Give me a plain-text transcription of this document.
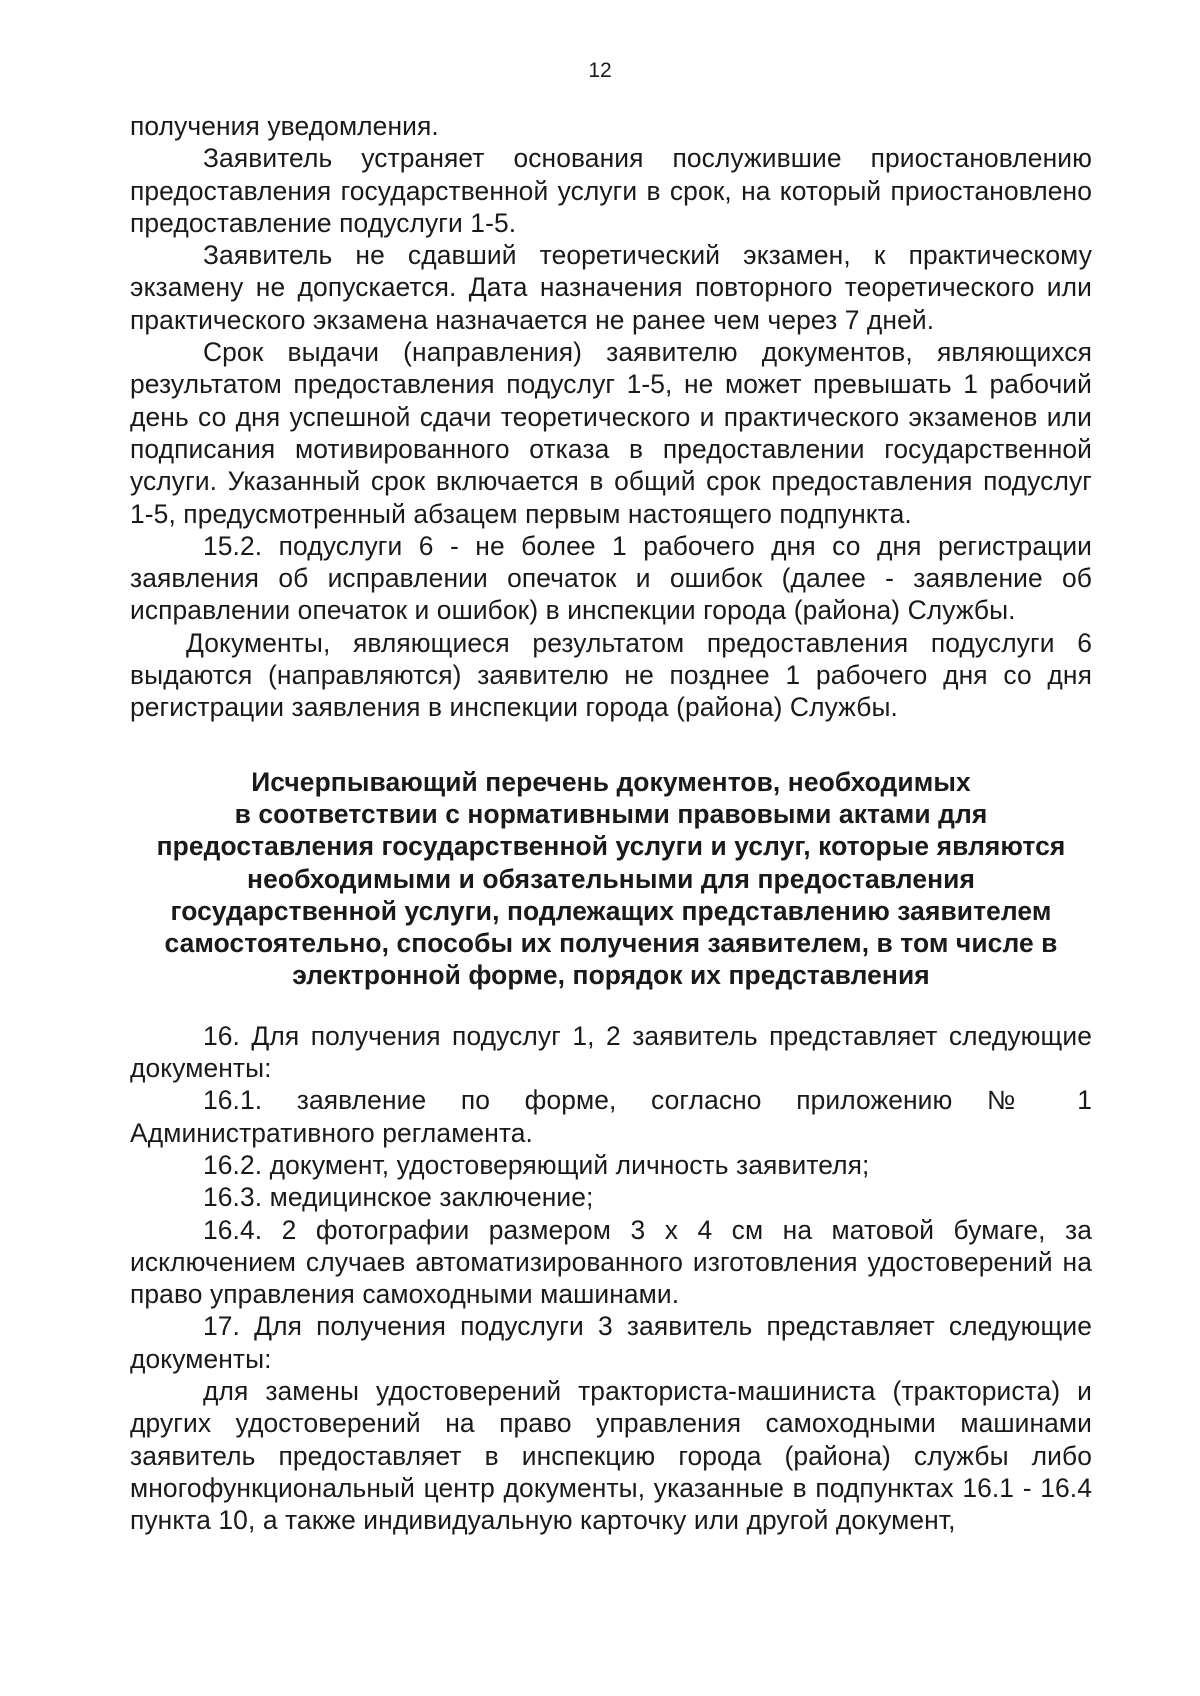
12

получения уведомления.

Заявитель устраняет основания послужившие приостановлению предоставления государственной услуги в срок, на который приостановлено предоставление подуслуги 1-5.

Заявитель не сдавший теоретический экзамен, к практическому экзамену не допускается. Дата назначения повторного теоретического или практического экзамена назначается не ранее чем через 7 дней.

Срок выдачи (направления) заявителю документов, являющихся результатом предоставления подуслуг 1-5, не может превышать 1 рабочий день со дня успешной сдачи теоретического и практического экзаменов или подписания мотивированного отказа в предоставлении государственной услуги. Указанный срок включается в общий срок предоставления подуслуг 1-5, предусмотренный абзацем первым настоящего подпункта.

15.2. подуслуги 6 - не более 1 рабочего дня со дня регистрации заявления об исправлении опечаток и ошибок (далее - заявление об исправлении опечаток и ошибок) в инспекции города (района) Службы.

Документы, являющиеся результатом предоставления подуслуги 6 выдаются (направляются) заявителю не позднее 1 рабочего дня со дня регистрации заявления в инспекции города (района) Службы.

Исчерпывающий перечень документов, необходимых
в соответствии с нормативными правовыми актами для
предоставления государственной услуги и услуг, которые являются
необходимыми и обязательными для предоставления
государственной услуги, подлежащих представлению заявителем
самостоятельно, способы их получения заявителем, в том числе в
электронной форме, порядок их представления

16. Для получения подуслуг 1, 2 заявитель представляет следующие документы:

16.1. заявление по форме, согласно приложению № 1 Административного регламента.

16.2. документ, удостоверяющий личность заявителя;

16.3. медицинское заключение;

16.4. 2 фотографии размером 3 х 4 см на матовой бумаге, за исключением случаев автоматизированного изготовления удостоверений на право управления самоходными машинами.

17. Для получения подуслуги 3 заявитель представляет следующие документы:

для замены удостоверений тракториста-машиниста (тракториста) и других удостоверений на право управления самоходными машинами заявитель предоставляет в инспекцию города (района) службы либо многофункциональный центр документы, указанные в подпунктах 16.1 - 16.4 пункта 10, а также индивидуальную карточку или другой документ,
